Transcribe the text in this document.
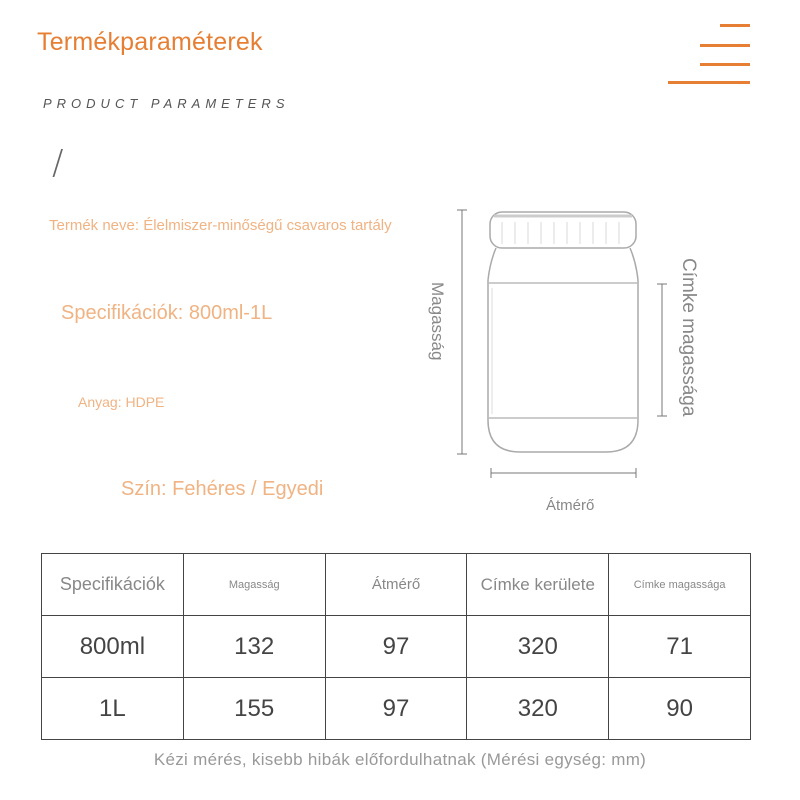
Termékparaméterek
PRODUCT PARAMETERS
/
Termék neve: Élelmiszer-minőségű csavaros tartály
Specifikációk: 800ml-1L
Anyag: HDPE
Szín: Fehéres / Egyedi
Magasság	Címke magassága
Átmérő
Specifikációk	Magasság	Átmérő	Címke kerülete	Címke magassága
800ml	132	97	320	71
1L	155	97	320	90
Kézi mérés, kisebb hibák előfordulhatnak (Mérési egység: mm)
